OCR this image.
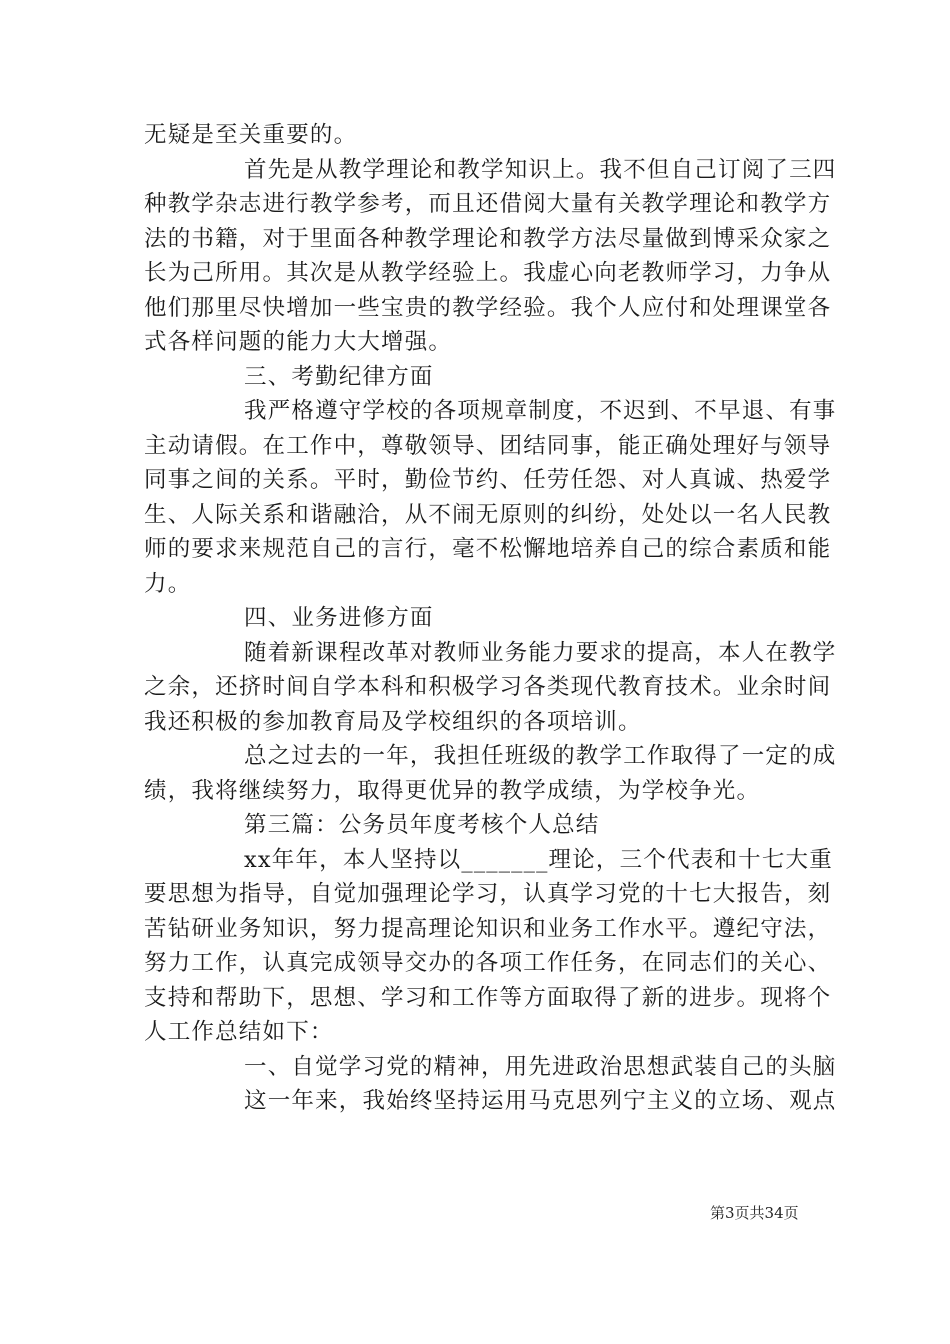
无疑是至关重要的。
首先是从教学理论和教学知识上。我不但自己订阅了三四
种教学杂志进行教学参考，而且还借阅大量有关教学理论和教学方
法的书籍，对于里面各种教学理论和教学方法尽量做到博采众家之
长为己所用。其次是从教学经验上。我虚心向老教师学习，力争从
他们那里尽快增加一些宝贵的教学经验。我个人应付和处理课堂各
式各样问题的能力大大增强。
三、考勤纪律方面
我严格遵守学校的各项规章制度，不迟到、不早退、有事
主动请假。在工作中，尊敬领导、团结同事，能正确处理好与领导
同事之间的关系。平时，勤俭节约、任劳任怨、对人真诚、热爱学
生、人际关系和谐融洽，从不闹无原则的纠纷，处处以一名人民教
师的要求来规范自己的言行，毫不松懈地培养自己的综合素质和能
力。
四、业务进修方面
随着新课程改革对教师业务能力要求的提高，本人在教学
之余，还挤时间自学本科和积极学习各类现代教育技术。业余时间
我还积极的参加教育局及学校组织的各项培训。
总之过去的一年，我担任班级的教学工作取得了一定的成
绩，我将继续努力，取得更优异的教学成绩，为学校争光。
第三篇：公务员年度考核个人总结
xx年年，本人坚持以_______理论，三个代表和十七大重
要思想为指导，自觉加强理论学习，认真学习党的十七大报告，刻
苦钻研业务知识，努力提高理论知识和业务工作水平。遵纪守法，
努力工作，认真完成领导交办的各项工作任务，在同志们的关心、
支持和帮助下，思想、学习和工作等方面取得了新的进步。现将个
人工作总结如下：
一、自觉学习党的精神，用先进政治思想武装自己的头脑
这一年来，我始终坚持运用马克思列宁主义的立场、观点
第3页共34页
